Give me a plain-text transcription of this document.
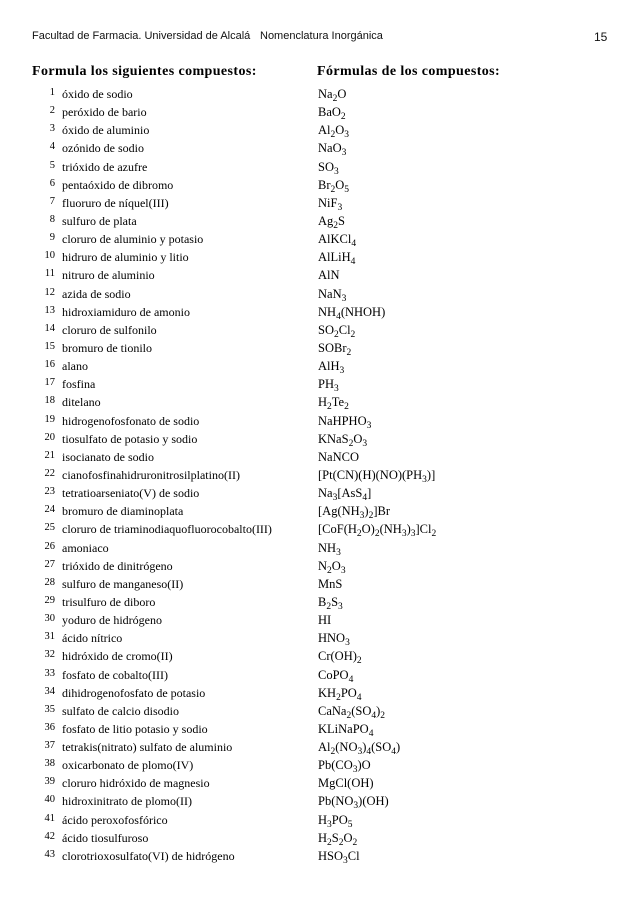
Facultad de Farmacia. Universidad de Alcalá Nomenclatura Inorgánica	15
Formula los siguientes compuestos:	Fórmulas de los compuestos:
1 óxido de sodio	$Na_2O$
2 peróxido de bario	BaO$_2$
3 óxido de aluminio	$Al_2O_3$
4 ozónido de sodio	NaO$_3$
5 trióxido de azufre	$SO_3$
6 pentaóxido de dibromo	$Br_2O_5$
7 fluoruro de níquel(III)	NiF$_3$
8 sulfuro de plata	$Ag_2S$
9 cloruro de aluminio y potasio	AlKCl$_4$
10 hidruro de aluminio y litio	AlLiH$_4$
11 nitruro de aluminio	AlN
12 azida de sodio	NaN$_3$
13 hidroxiamiduro de amonio	$NH_4(NHOH)$
14 cloruro de sulfonilo	$SO_2Cl_2$
15 bromuro de tionilo	SOBr$_2$
16 alano	AlH$_3$
17 fosfina	$PH_3$
18 ditelano	$H_2Te_2$
19 hidrogenofosfonato de sodio	NaHPHO$_3$
20 tiosulfato de potasio y sodio	$KNaS_2O_3$
21 isocianato de sodio	NaNCO
22 cianofosfinahidruronitrosilplatino(II)	$[Pt(CN)(H)(NO)(PH_3)]$
23 tetratioarseniato(V) de sodio	$Na_3[AsS_4]$
24 bromuro de diaminoplata	$[Ag(NH_3)_2]Br$
25 cloruro de triaminodiaquofluorocobalto(III)	$[CoF(H_2O)_2(NH_3)_3]Cl_2$
26 amoniaco	$NH_3$
27 trióxido de dinitrógeno	$N_2O_3$
28 sulfuro de manganeso(II)	MnS
29 trisulfuro de diboro	$B_2S_3$
30 yoduro de hidrógeno	HI
31 ácido nítrico	$HNO_3$
32 hidróxido de cromo(II)	$Cr(OH)_2$
33 fosfato de cobalto(III)	CoPO$_4$
34 dihidrogenofosfato de potasio	$KH_2PO_4$
35 sulfato de calcio disodio	$CaNa_2(SO_4)_2$
36 fosfato de litio potasio y sodio	KLiNaPO$_4$
37 tetrakis(nitrato) sulfato de aluminio	$Al_2(NO_3)_4(SO_4)$
38 oxicarbonato de plomo(IV)	$Pb(CO_3)O$
39 cloruro hidróxido de magnesio	MgCl(OH)
40 hidroxinitrato de plomo(II)	$Pb(NO_3)(OH)$
41 ácido peroxofosfórico	$H_3PO_5$
42 ácido tiosulfuroso	$H_2S_2O_2$
43 clorotrioxosulfato(VI) de hidrógeno	$HSO_3Cl$
